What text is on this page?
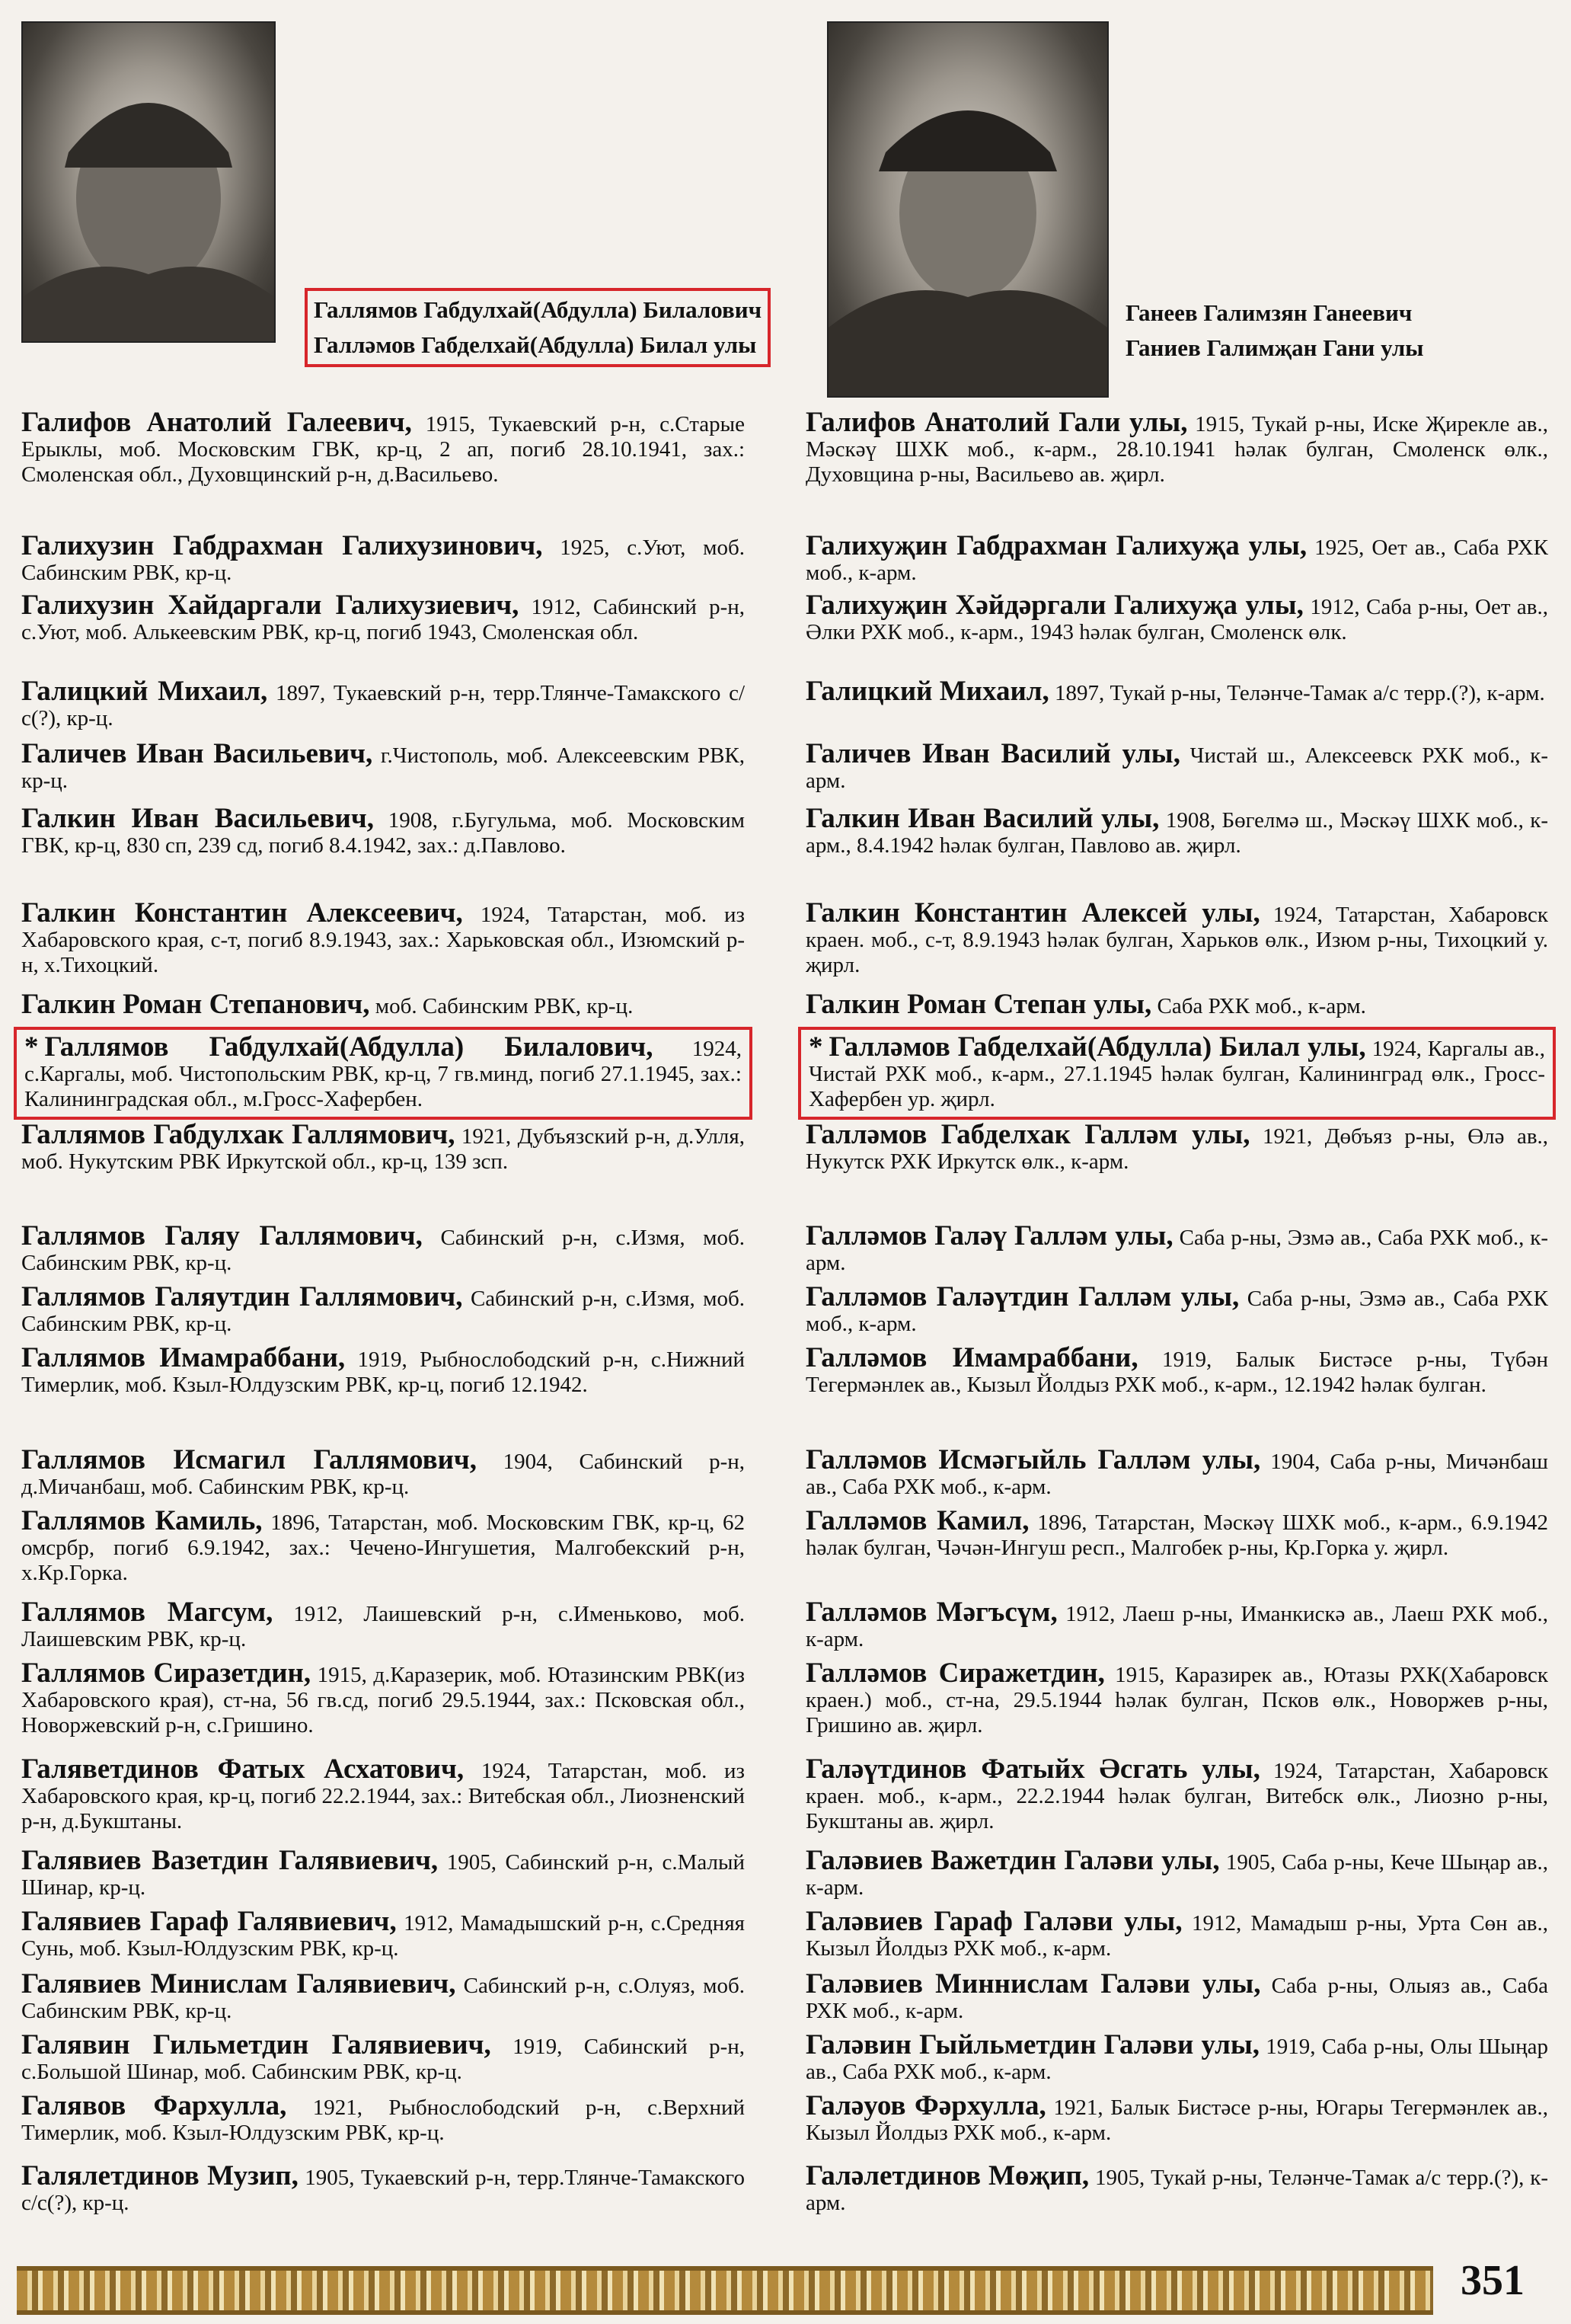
Галлямов Габдулхай(Абдулла) Билалович
Галләмов Габделхай(Абдулла) Билал улы
Ганеев Галимзян Ганеевич
Ганиев Галимҗан Гани улы
Галифов Анатолий Галеевич, 1915, Тукаевский р-н, с.Старые Ерыклы, моб. Московским ГВК, кр-ц, 2 ап, погиб 28.10.1941, зах.: Смоленская обл., Духовщинский р-н, д.Васильево.
Галихузин Габдрахман Галихузинович, 1925, с.Уют, моб. Сабинским РВК, кр-ц.
Галихузин Хайдаргали Галихузиевич, 1912, Сабинский р-н, с.Уют, моб. Алькеевским РВК, кр-ц, погиб 1943, Смоленская обл.
Галицкий Михаил, 1897, Тукаевский р-н, терр.Тлянче-Тамакского с/с(?), кр-ц.
Галичев Иван Васильевич, г.Чистополь, моб. Алексеевским РВК, кр-ц.
Галкин Иван Васильевич, 1908, г.Бугульма, моб. Московским ГВК, кр-ц, 830 сп, 239 сд, погиб 8.4.1942, зах.: д.Павлово.
Галкин Константин Алексеевич, 1924, Татарстан, моб. из Хабаровского края, с-т, погиб 8.9.1943, зах.: Харьковская обл., Изюмский р-н, х.Тихоцкий.
Галкин Роман Степанович, моб. Сабинским РВК, кр-ц.
* Галлямов Габдулхай(Абдулла) Билалович, 1924, с.Каргалы, моб. Чистопольским РВК, кр-ц, 7 гв.минд, погиб 27.1.1945, зах.: Калининградская обл., м.Гросс-Хафербен.
Галлямов Габдулхак Галлямович, 1921, Дубъязский р-н, д.Улля, моб. Нукутским РВК Иркутской обл., кр-ц, 139 зсп.
Галлямов Галяу Галлямович, Сабинский р-н, с.Измя, моб. Сабинским РВК, кр-ц.
Галлямов Галяутдин Галлямович, Сабинский р-н, с.Измя, моб. Сабинским РВК, кр-ц.
Галлямов Имамраббани, 1919, Рыбнослободский р-н, с.Нижний Тимерлик, моб. Кзыл-Юлдузским РВК, кр-ц, погиб 12.1942.
Галлямов Исмагил Галлямович, 1904, Сабинский р-н, д.Мичанбаш, моб. Сабинским РВК, кр-ц.
Галлямов Камиль, 1896, Татарстан, моб. Московским ГВК, кр-ц, 62 омсрбр, погиб 6.9.1942, зах.: Чечено-Ингушетия, Малгобекский р-н, х.Кр.Горка.
Галлямов Магсум, 1912, Лаишевский р-н, с.Именьково, моб. Лаишевским РВК, кр-ц.
Галлямов Сиразетдин, 1915, д.Каразерик, моб. Ютазинским РВК(из Хабаровского края), ст-на, 56 гв.сд, погиб 29.5.1944, зах.: Псковская обл., Новоржевский р-н, с.Гришино.
Галяветдинов Фатых Асхатович, 1924, Татарстан, моб. из Хабаровского края, кр-ц, погиб 22.2.1944, зах.: Витебская обл., Лиозненский р-н, д.Букштаны.
Галявиев Вазетдин Галявиевич, 1905, Сабинский р-н, с.Малый Шинар, кр-ц.
Галявиев Гараф Галявиевич, 1912, Мамадышский р-н, с.Средняя Сунь, моб. Кзыл-Юлдузским РВК, кр-ц.
Галявиев Минислам Галявиевич, Сабинский р-н, с.Олуяз, моб. Сабинским РВК, кр-ц.
Галявин Гильметдин Галявиевич, 1919, Сабинский р-н, с.Большой Шинар, моб. Сабинским РВК, кр-ц.
Галявов Фархулла, 1921, Рыбнослободский р-н, с.Верхний Тимерлик, моб. Кзыл-Юлдузским РВК, кр-ц.
Галялетдинов Музип, 1905, Тукаевский р-н, терр.Тлянче-Тамакского с/с(?), кр-ц.
Галифов Анатолий Гали улы, 1915, Тукай р-ны, Иске Җирекле ав., Мәскәү ШХК моб., к-арм., 28.10.1941 һәлак булган, Смоленск өлк., Духовщина р-ны, Васильево ав. җирл.
Галихуҗин Габдрахман Галихуҗа улы, 1925, Оет ав., Саба РХК моб., к-арм.
Галихуҗин Хәйдәргали Галихуҗа улы, 1912, Саба р-ны, Оет ав., Әлки РХК моб., к-арм., 1943 һәлак булган, Смоленск өлк.
Галицкий Михаил, 1897, Тукай р-ны, Теләнче-Тамак а/с терр.(?), к-арм.
Галичев Иван Василий улы, Чистай ш., Алексеевск РХК моб., к-арм.
Галкин Иван Василий улы, 1908, Бөгелмә ш., Мәскәү ШХК моб., к-арм., 8.4.1942 һәлак булган, Павлово ав. җирл.
Галкин Константин Алексей улы, 1924, Татарстан, Хабаровск краен. моб., с-т, 8.9.1943 һәлак булган, Харьков өлк., Изюм р-ны, Тихоцкий у. җирл.
Галкин Роман Степан улы, Саба РХК моб., к-арм.
* Галләмов Габделхай(Абдулла) Билал улы, 1924, Каргалы ав., Чистай РХК моб., к-арм., 27.1.1945 һәлак булган, Калининград өлк., Гросс-Хафербен ур. җирл.
Галләмов Габделхак Галләм улы, 1921, Дөбъяз р-ны, Өлә ав., Нукутск РХК Иркутск өлк., к-арм.
Галләмов Галәү Галләм улы, Саба р-ны, Эзмә ав., Саба РХК моб., к-арм.
Галләмов Галәүтдин Галләм улы, Саба р-ны, Эзмә ав., Саба РХК моб., к-арм.
Галләмов Имамраббани, 1919, Балык Бистәсе р-ны, Түбән Тегермәнлек ав., Кызыл Йолдыз РХК моб., к-арм., 12.1942 һәлак булган.
Галләмов Исмәгыйль Галләм улы, 1904, Саба р-ны, Мичәнбаш ав., Саба РХК моб., к-арм.
Галләмов Камил, 1896, Татарстан, Мәскәү ШХК моб., к-арм., 6.9.1942 һәлак булган, Чәчән-Ингуш респ., Малгобек р-ны, Кр.Горка у. җирл.
Галләмов Мәгъсүм, 1912, Лаеш р-ны, Иманкискә ав., Лаеш РХК моб., к-арм.
Галләмов Сиражетдин, 1915, Каразирек ав., Ютазы РХК(Хабаровск краен.) моб., ст-на, 29.5.1944 һәлак булган, Псков өлк., Новоржев р-ны, Гришино ав. җирл.
Галәүтдинов Фатыйх Әсгать улы, 1924, Татарстан, Хабаровск краен. моб., к-арм., 22.2.1944 һәлак булган, Витебск өлк., Лиозно р-ны, Букштаны ав. җирл.
Галәвиев Важетдин Галәви улы, 1905, Саба р-ны, Кече Шыңар ав., к-арм.
Галәвиев Гараф Галәви улы, 1912, Мамадыш р-ны, Урта Сөн ав., Кызыл Йолдыз РХК моб., к-арм.
Галәвиев Миннислам Галәви улы, Саба р-ны, Олыяз ав., Саба РХК моб., к-арм.
Галәвин Гыйльметдин Галәви улы, 1919, Саба р-ны, Олы Шыңар ав., Саба РХК моб., к-арм.
Галәуов Фәрхулла, 1921, Балык Бистәсе р-ны, Югары Тегермәнлек ав., Кызыл Йолдыз РХК моб., к-арм.
Галәлетдинов Мөҗип, 1905, Тукай р-ны, Теләнче-Тамак а/с терр.(?), к-арм.
351
